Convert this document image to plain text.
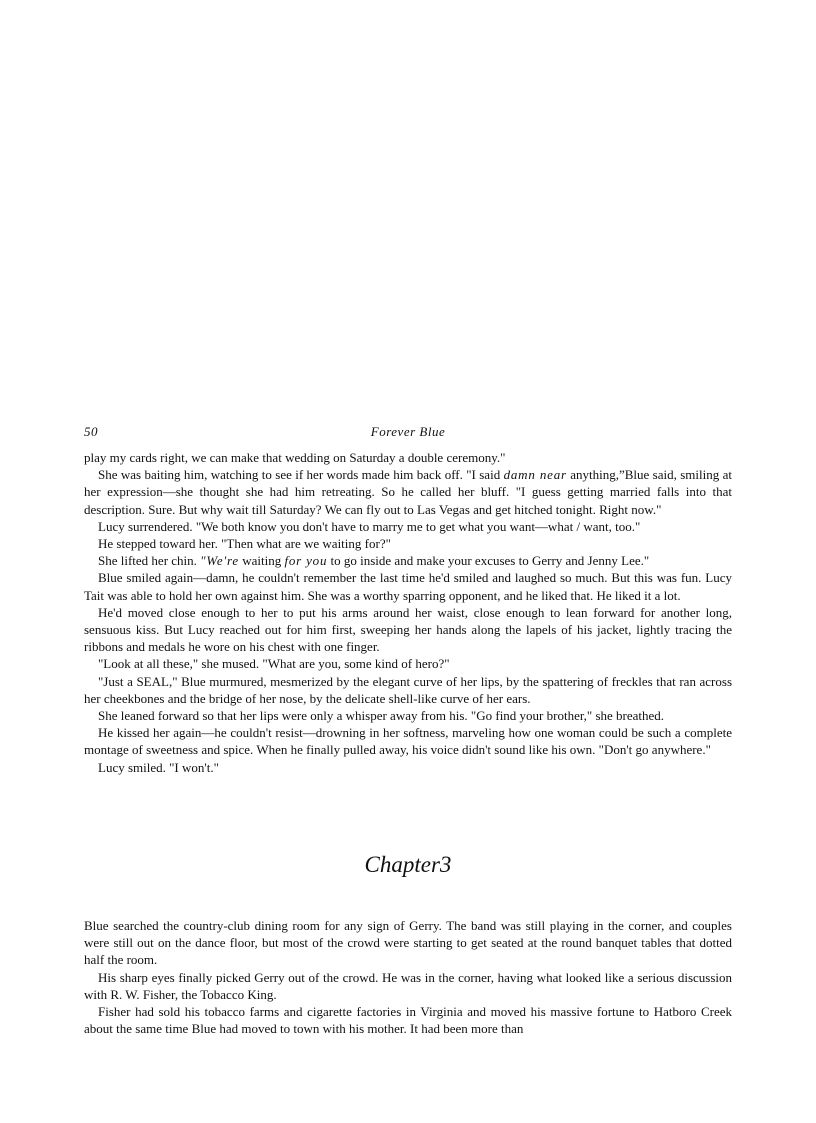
50	Forever Blue

play my cards right, we can make that wedding on Saturday a double ceremony."

She was baiting him, watching to see if her words made him back off. "I said damn near anything,”Blue said, smiling at her expression—she thought she had him retreating. So he called her bluff. "I guess getting married falls into that description. Sure. But why wait till Saturday? We can fly out to Las Vegas and get hitched tonight. Right now."

Lucy surrendered. "We both know you don't have to marry me to get what you want—what / want, too."

He stepped toward her. "Then what are we waiting for?"

She lifted her chin. "We're waiting for you to go inside and make your excuses to Gerry and Jenny Lee."

Blue smiled again—damn, he couldn't remember the last time he'd smiled and laughed so much. But this was fun. Lucy Tait was able to hold her own against him. She was a worthy sparring opponent, and he liked that. He liked it a lot.

He'd moved close enough to her to put his arms around her waist, close enough to lean forward for another long, sensuous kiss. But Lucy reached out for him first, sweeping her hands along the lapels of his jacket, lightly tracing the ribbons and medals he wore on his chest with one finger.

"Look at all these," she mused. "What are you, some kind of hero?"

"Just a SEAL," Blue murmured, mesmerized by the elegant curve of her lips, by the spattering of freckles that ran across her cheekbones and the bridge of her nose, by the delicate shell-like curve of her ears.

She leaned forward so that her lips were only a whisper away from his. "Go find your brother," she breathed.

He kissed her again—he couldn't resist—drowning in her softness, marveling how one woman could be such a complete montage of sweetness and spice. When he finally pulled away, his voice didn't sound like his own. "Don't go anywhere."

Lucy smiled. "I won't."

Chapter3

Blue searched the country-club dining room for any sign of Gerry. The band was still playing in the corner, and couples were still out on the dance floor, but most of the crowd were starting to get seated at the round banquet tables that dotted half the room.

His sharp eyes finally picked Gerry out of the crowd. He was in the corner, having what looked like a serious discussion with R. W. Fisher, the Tobacco King.

Fisher had sold his tobacco farms and cigarette factories in Virginia and moved his massive fortune to Hatboro Creek about the same time Blue had moved to town with his mother. It had been more than
